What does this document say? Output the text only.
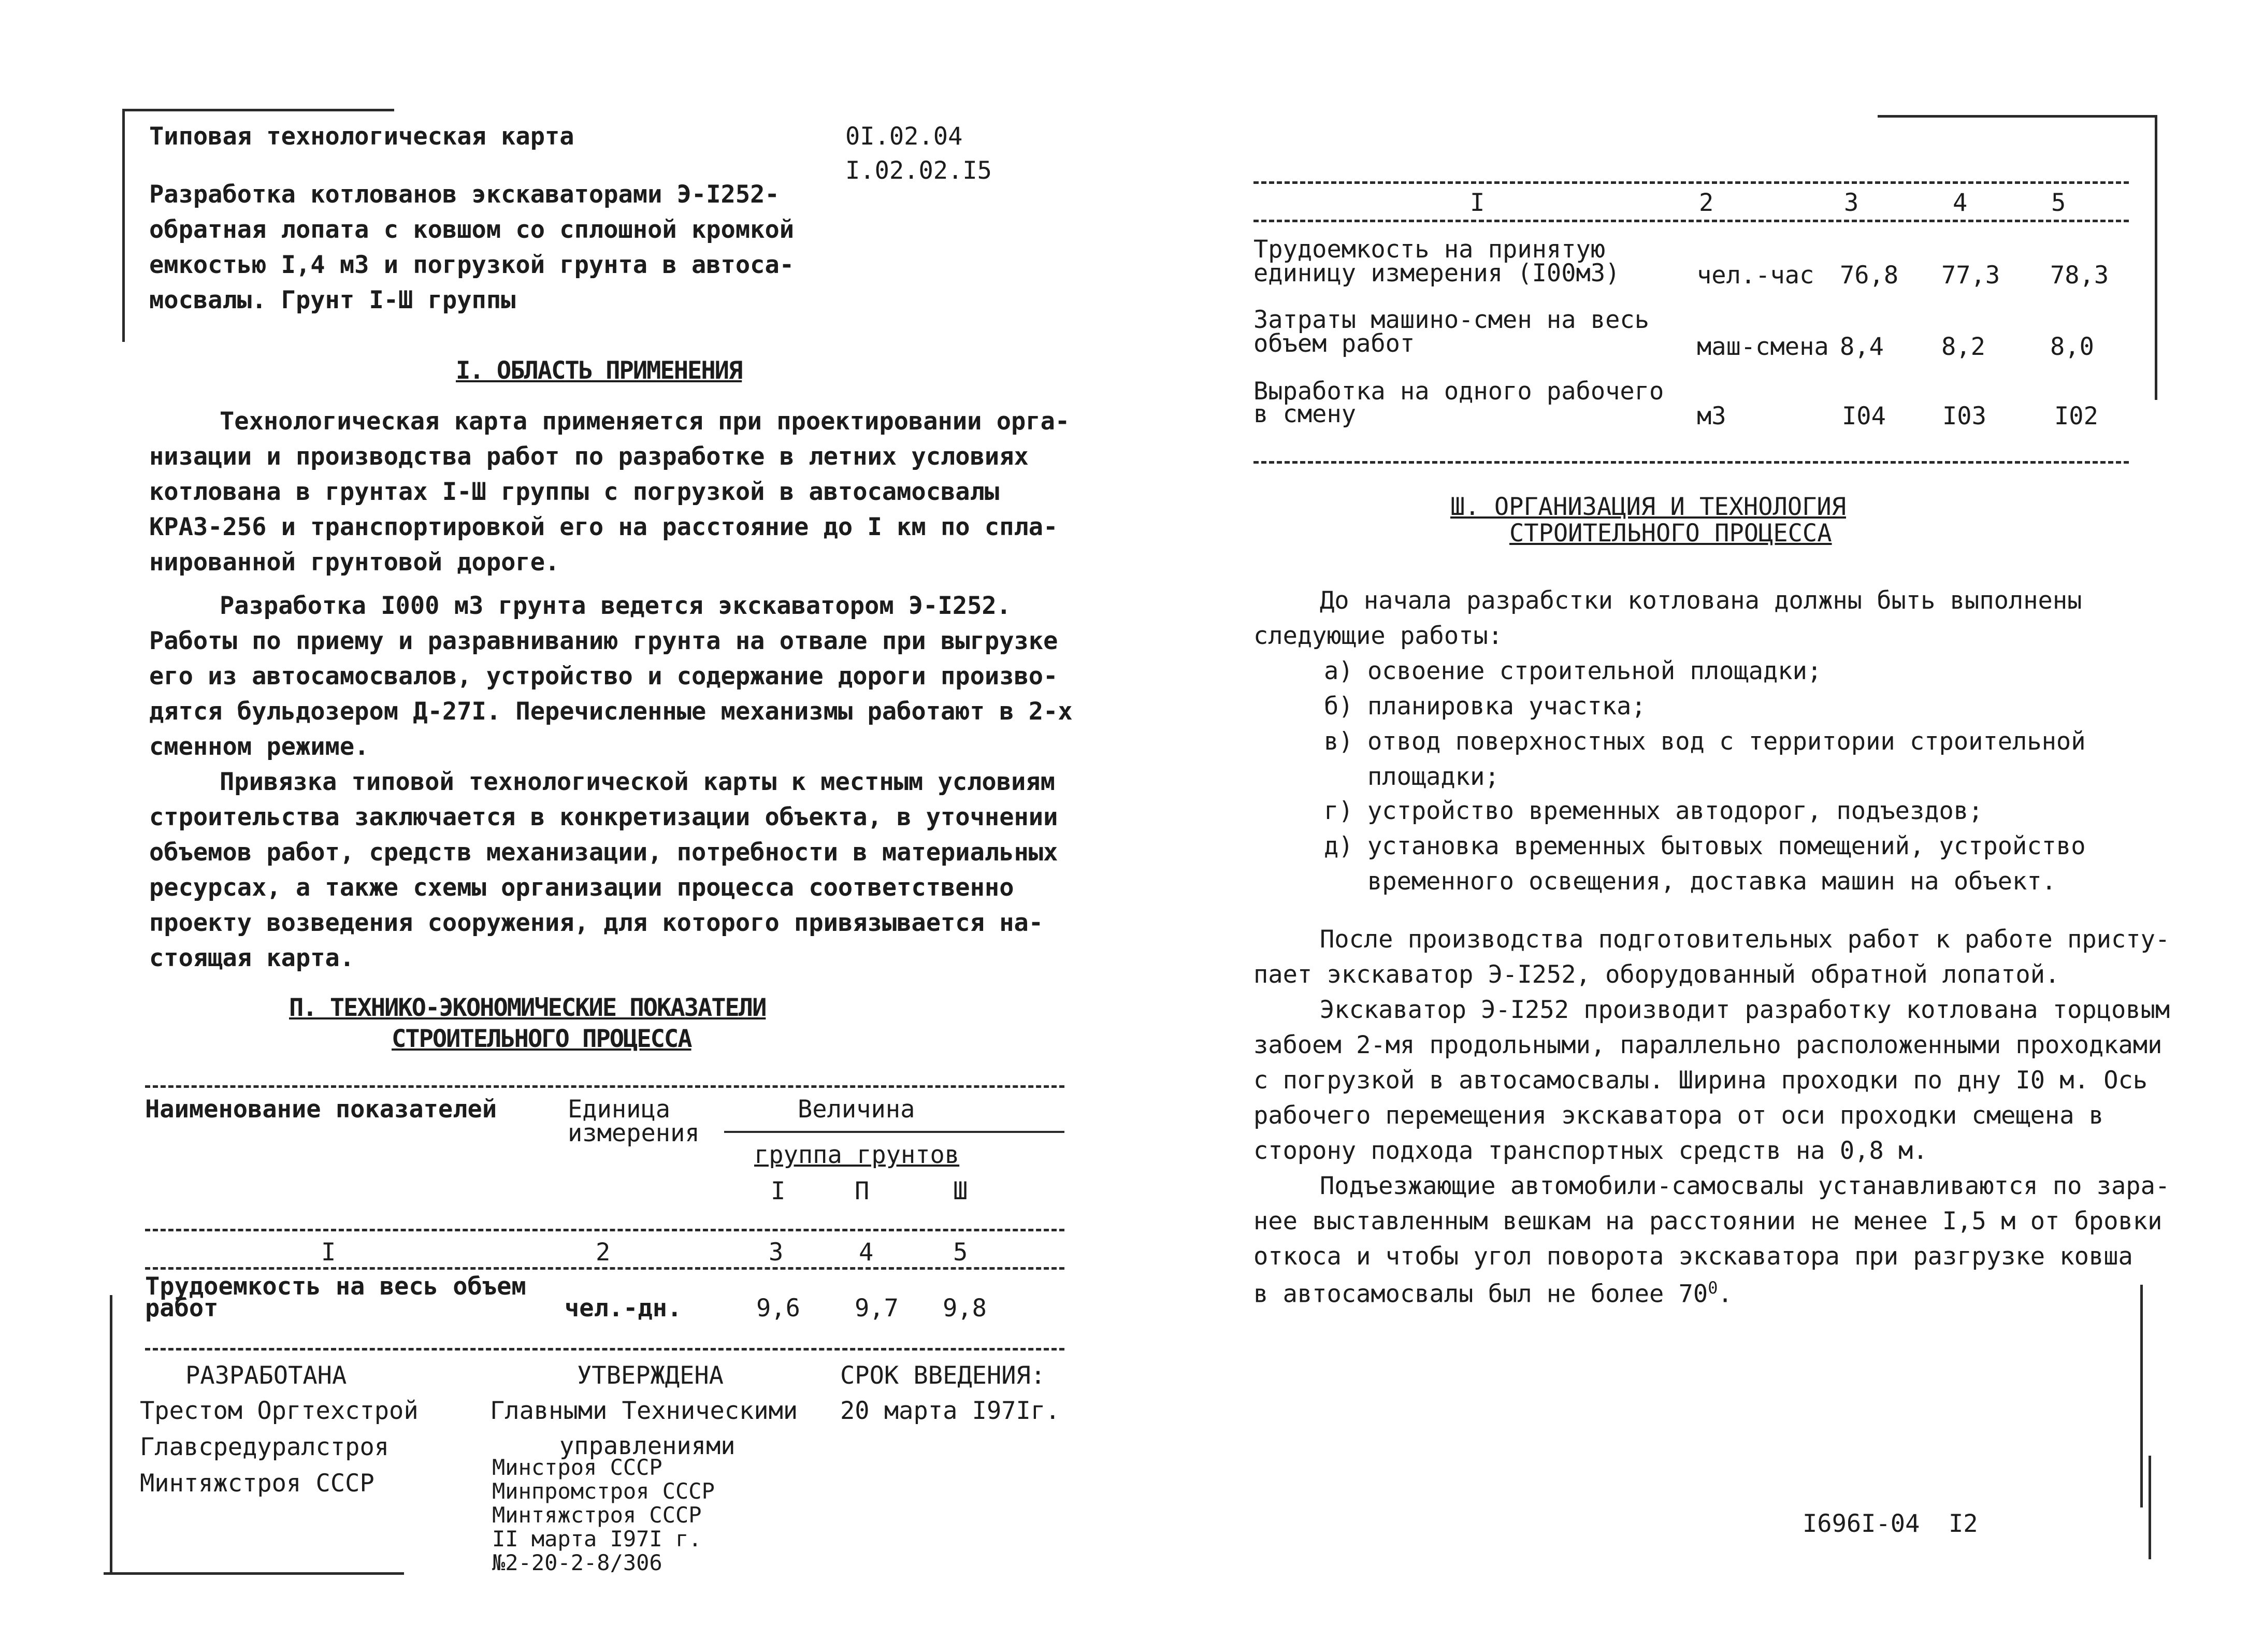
Типовая технологическая карта	0I.02.04
I.02.02.I5
Разработка котлованов экскаваторами Э-I252-
обратная лопата с ковшом со сплошной кромкой
емкостью I,4 м3 и погрузкой грунта в автоса-
мосвалы. Грунт I-Ш группы
I. ОБЛАСТЬ ПРИМЕНЕНИЯ
Технологическая карта применяется при проектировании орга-
низации и производства работ по разработке в летних условиях
котлована в грунтах I-Ш группы с погрузкой в автосамосвалы
КРАЗ-256 и транспортировкой его на расстояние до I км по спла-
нированной грунтовой дороге.
Разработка I000 м3 грунта ведется экскаватором Э-I252.
Работы по приему и разравниванию грунта на отвале при выгрузке
его из автосамосвалов, устройство и содержание дороги произво-
дятся бульдозером Д-27I. Перечисленные механизмы работают в 2-х
сменном режиме.
Привязка типовой технологической карты к местным условиям
строительства заключается в конкретизации объекта, в уточнении
объемов работ, средств механизации, потребности в материальных
ресурсах, а также схемы организации процесса соответственно
проекту возведения сооружения, для которого привязывается на-
стоящая карта.
П. ТЕХНИКО-ЭКОНОМИЧЕСКИЕ ПОКАЗАТЕЛИ
СТРОИТЕЛЬНОГО ПРОЦЕССА
Наименование показателей	Единица
измерения
Величина
группа грунтов
I	П	Ш
I	2	3	4	5
Трудоемкость на весь объем
работ	чел.-дн.	9,6 9,7 9,8
РАЗРАБОТАНА
Трестом Оргтехстрой
Главсредуралстроя
Минтяжстроя СССР
УТВЕРЖДЕНА
Главными Техническими
управлениями
Минстроя СССР
Минпромстроя СССР
Минтяжстроя СССР
II марта I97I г.
№2-20-2-8/306
СРОК ВВЕДЕНИЯ:
20 марта I97Iг.
I	2	3	4	5
Трудоемкость на принятую
единицу измерения (I00м3)	чел.-час 76,8 77,3 78,3
Затраты машино-смен на весь
объем работ	маш-смена 8,4 8,2	8,0
Выработка на одного рабочего
в смену	м3	I04 I03	I02
Ш. ОРГАНИЗАЦИЯ И ТЕХНОЛОГИЯ
СТРОИТЕЛЬНОГО ПРОЦЕССА
До начала разрабстки котлована должны быть выполнены
следующие работы:
а) освоение строительной площадки;
б) планировка участка;
в) отвод поверхностных вод с территории строительной
площадки;
г) устройство временных автодорог, подъездов;
д) установка временных бытовых помещений, устройство
временного освещения, доставка машин на объект.
После производства подготовительных работ к работе присту-
пает экскаватор Э-I252, оборудованный обратной лопатой.
Экскаватор Э-I252 производит разработку котлована торцовым
забоем 2-мя продольными, параллельно расположенными проходками
с погрузкой в автосамосвалы. Ширина проходки по дну I0 м. Ось
рабочего перемещения экскаватора от оси проходки смещена в
сторону подхода транспортных средств на 0,8 м.
Подъезжающие автомобили-самосвалы устанавливаются по зара-
нее выставленным вешкам на расстоянии не менее I,5 м от бровки
откоса и чтобы угол поворота экскаватора при разгрузке ковша
в автосамосвалы был не более $70^0$.
I696I-04 I2
